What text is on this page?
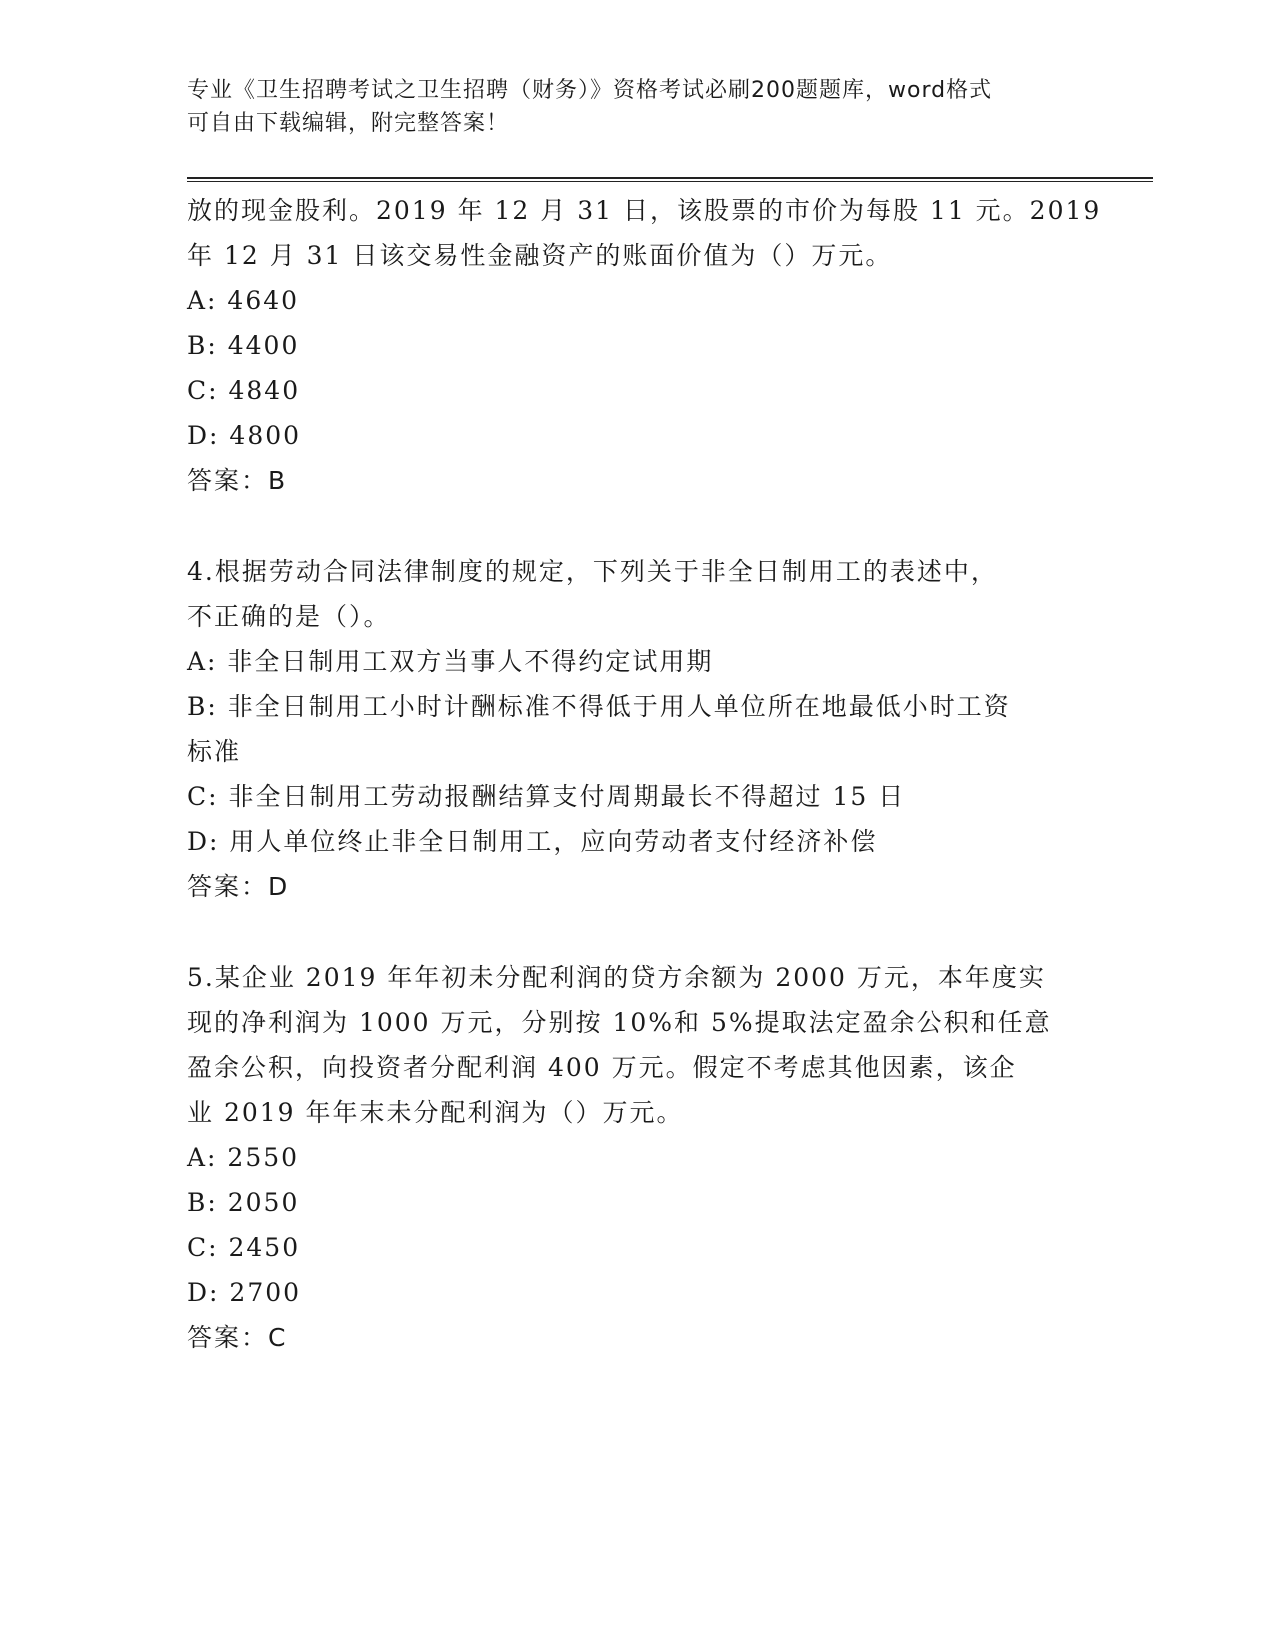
专业《卫生招聘考试之卫生招聘（财务）》资格考试必刷200题题库，word格式
可自由下载编辑，附完整答案！
放的现金股利。2019 年 12 月 31 日，该股票的市价为每股 11 元。2019
年 12 月 31 日该交易性金融资产的账面价值为（）万元。
A: 4640
B: 4400
C: 4840
D: 4800
答案：B
4.根据劳动合同法律制度的规定，下列关于非全日制用工的表述中，
不正确的是（）。
A: 非全日制用工双方当事人不得约定试用期
B: 非全日制用工小时计酬标准不得低于用人单位所在地最低小时工资
标准
C: 非全日制用工劳动报酬结算支付周期最长不得超过 15 日
D: 用人单位终止非全日制用工，应向劳动者支付经济补偿
答案：D
5.某企业 2019 年年初未分配利润的贷方余额为 2000 万元，本年度实
现的净利润为 1000 万元，分别按 10%和 5%提取法定盈余公积和任意
盈余公积，向投资者分配利润 400 万元。假定不考虑其他因素，该企
业 2019 年年末未分配利润为（）万元。
A: 2550
B: 2050
C: 2450
D: 2700
答案：C
